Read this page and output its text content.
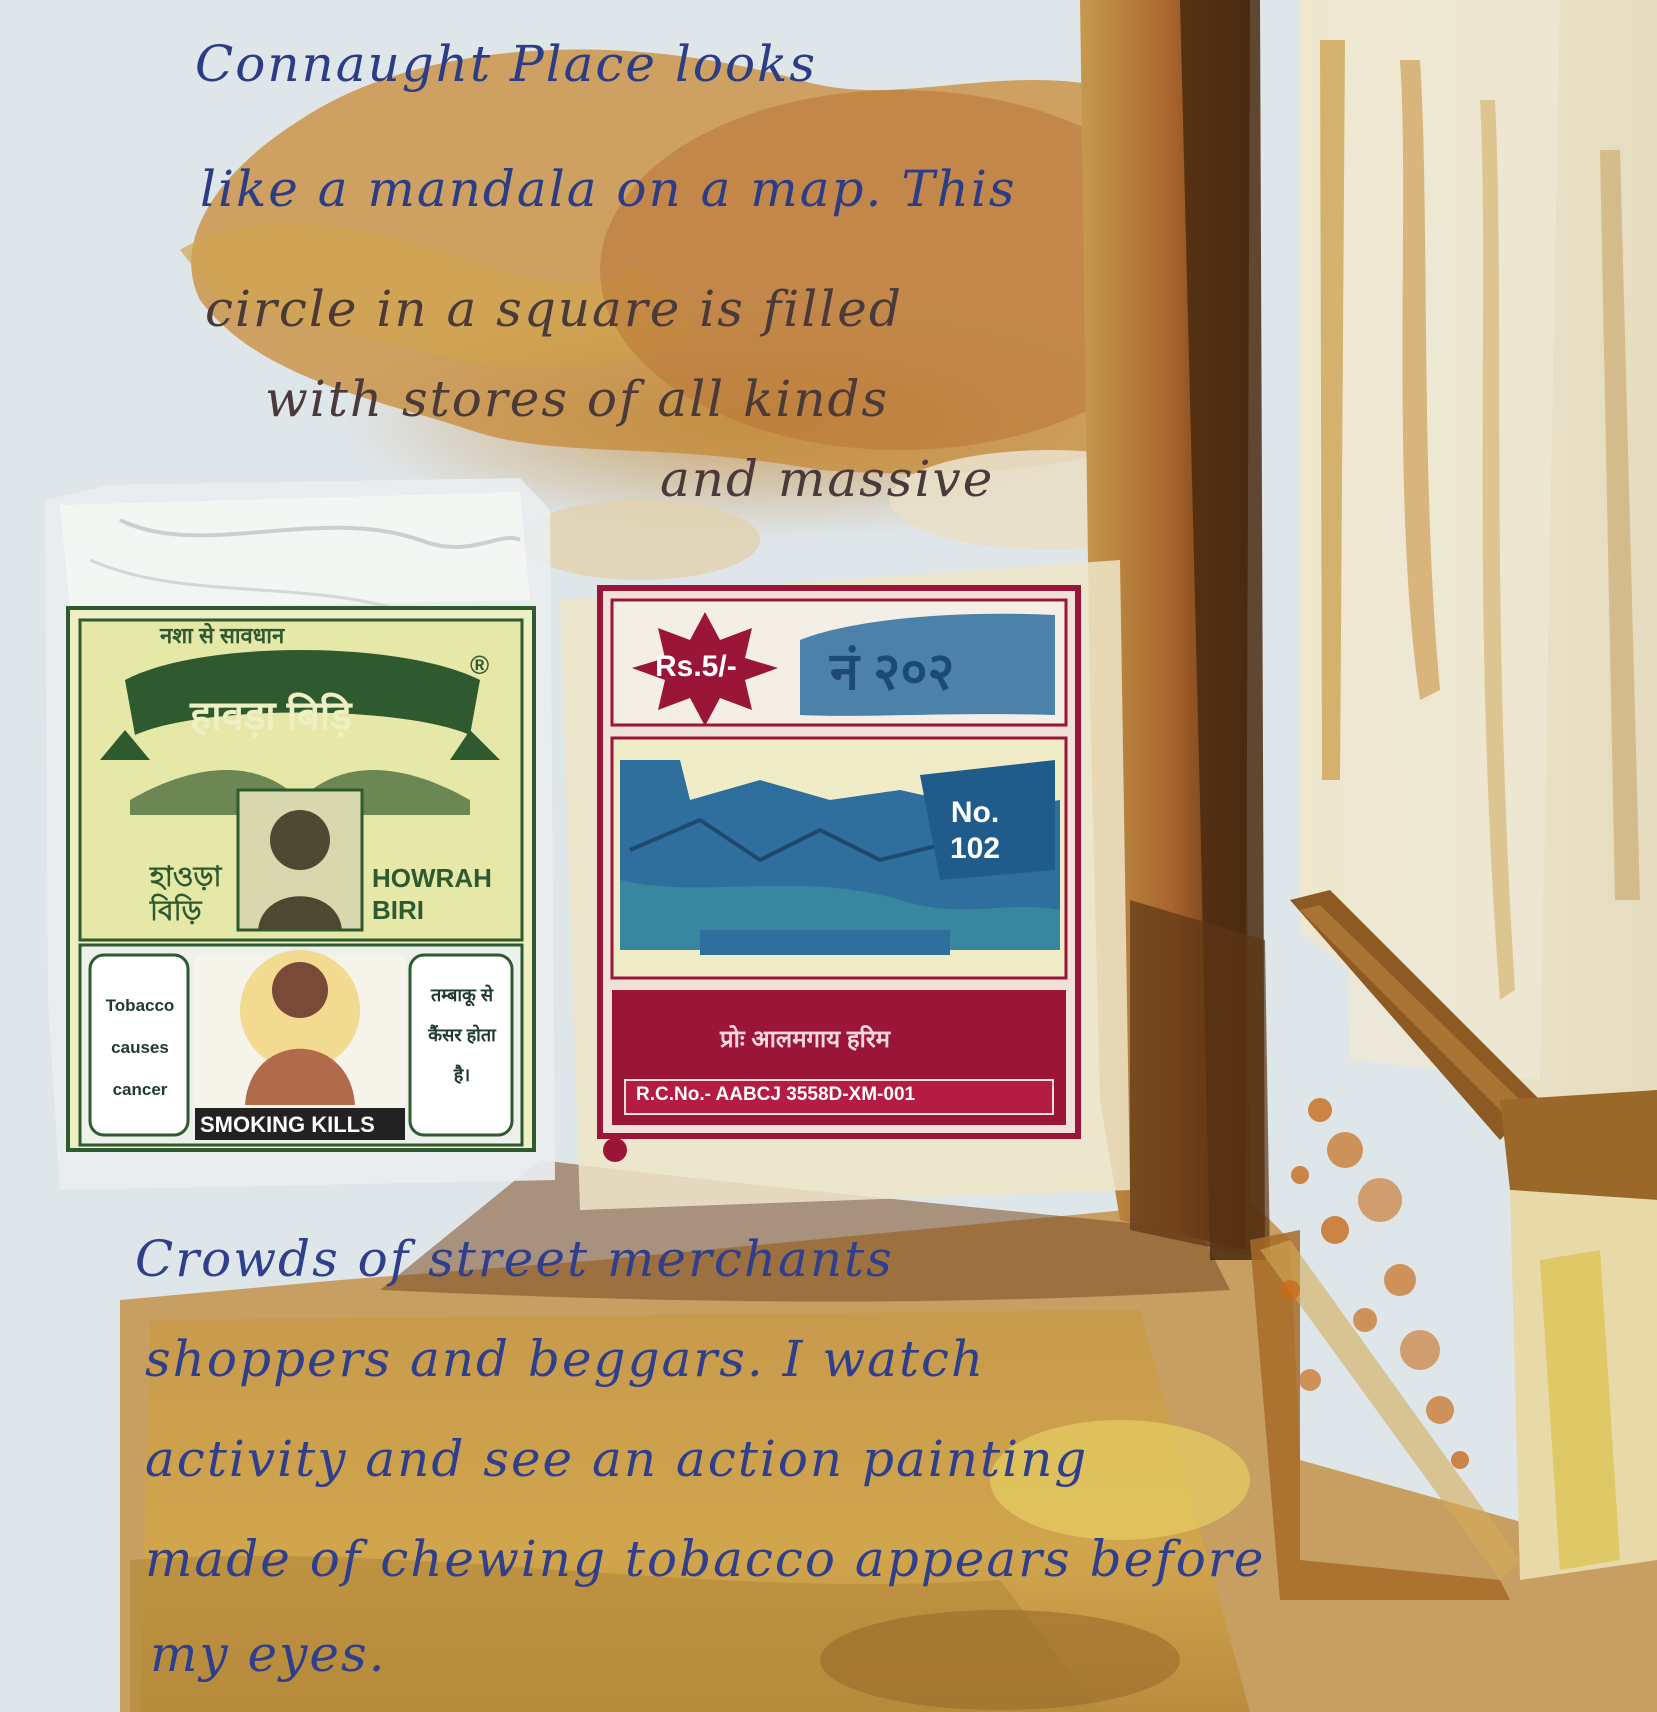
नशा से सावधान
हावड़ा बिड़ि
®
হাওড়া বিড়ি
HOWRAH BIRI
Tobacco causes cancer
तम्बाकू से कैंसर होता है।
SMOKING KILLS
Rs.5/- नं २०२
No. 102
प्रोः आलमगाय हरिम
R.C.No.- AABCJ 3558D-XM-001
Connaught Place looks
like a mandala on a map. This
circle in a square is filled
with stores of all kinds
and massive
Crowds of street merchants
shoppers and beggars. I watch
activity and see an action painting
made of chewing tobacco appears before
my eyes.
